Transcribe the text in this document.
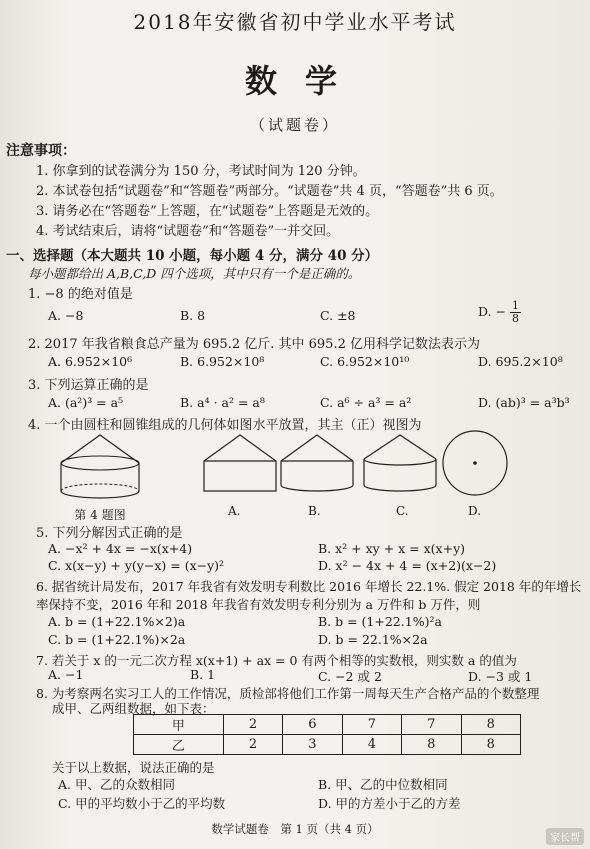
2018年安徽省初中学业水平考试
数学
（试题卷）
注意事项：
1. 你拿到的试卷满分为 150 分，考试时间为 120 分钟。
2. 本试卷包括“试题卷”和“答题卷”两部分。“试题卷”共 4 页，“答题卷”共 6 页。
3. 请务必在“答题卷”上答题，在“试题卷”上答题是无效的。
4. 考试结束后，请将“试题卷”和“答题卷”一并交回。
一、选择题（本大题共 10 小题，每小题 4 分，满分 40 分）
每小题都给出 A,B,C,D 四个选项，其中只有一个是正确的。
1. −8 的绝对值是
A. −8	B. 8	C. ±8	D. − $\frac{1}{8}$
2. 2017 年我省粮食总产量为 695.2 亿斤. 其中 695.2 亿用科学记数法表示为
A. 6.952×10⁶	B. 6.952×10⁸	C. 6.952×10¹⁰	D. 695.2×10⁸
3. 下列运算正确的是
A. (a²)³ = a⁵	B. a⁴ · a² = a⁸	C. a⁶ ÷ a³ = a²	D. (ab)³ = a³b³
4. 一个由圆柱和圆锥组成的几何体如图水平放置，其主（正）视图为
第 4 题图	A.	B.	C.	D.
5. 下列分解因式正确的是
A. −x² + 4x = −x(x+4)	B. x² + xy + x = x(x+y)
C. x(x−y) + y(y−x) = (x−y)²	D. x² − 4x + 4 = (x+2)(x−2)
6. 据省统计局发布，2017 年我省有效发明专利数比 2016 年增长 22.1%. 假定 2018 年的年增长
率保持不变，2016 年和 2018 年我省有效发明专利分别为 a 万件和 b 万件，则
A. b = (1+22.1%×2)a	B. b = (1+22.1%)²a
C. b = (1+22.1%)×2a	D. b = 22.1%×2a
7. 若关于 x 的一元二次方程 x(x+1) + ax = 0 有两个相等的实数根，则实数 a 的值为
A. −1	B. 1	C. −2 或 2	D. −3 或 1
8. 为考察两名实习工人的工作情况，质检部将他们工作第一周每天生产合格产品的个数整理
成甲、乙两组数据，如下表：
甲	2	6	7	7	8
乙	2	3	4	8	8
关于以上数据，说法正确的是
A. 甲、乙的众数相同	B. 甲、乙的中位数相同
C. 甲的平均数小于乙的平均数	D. 甲的方差小于乙的方差
数学试题卷　第 1 页（共 4 页）
家长帮
